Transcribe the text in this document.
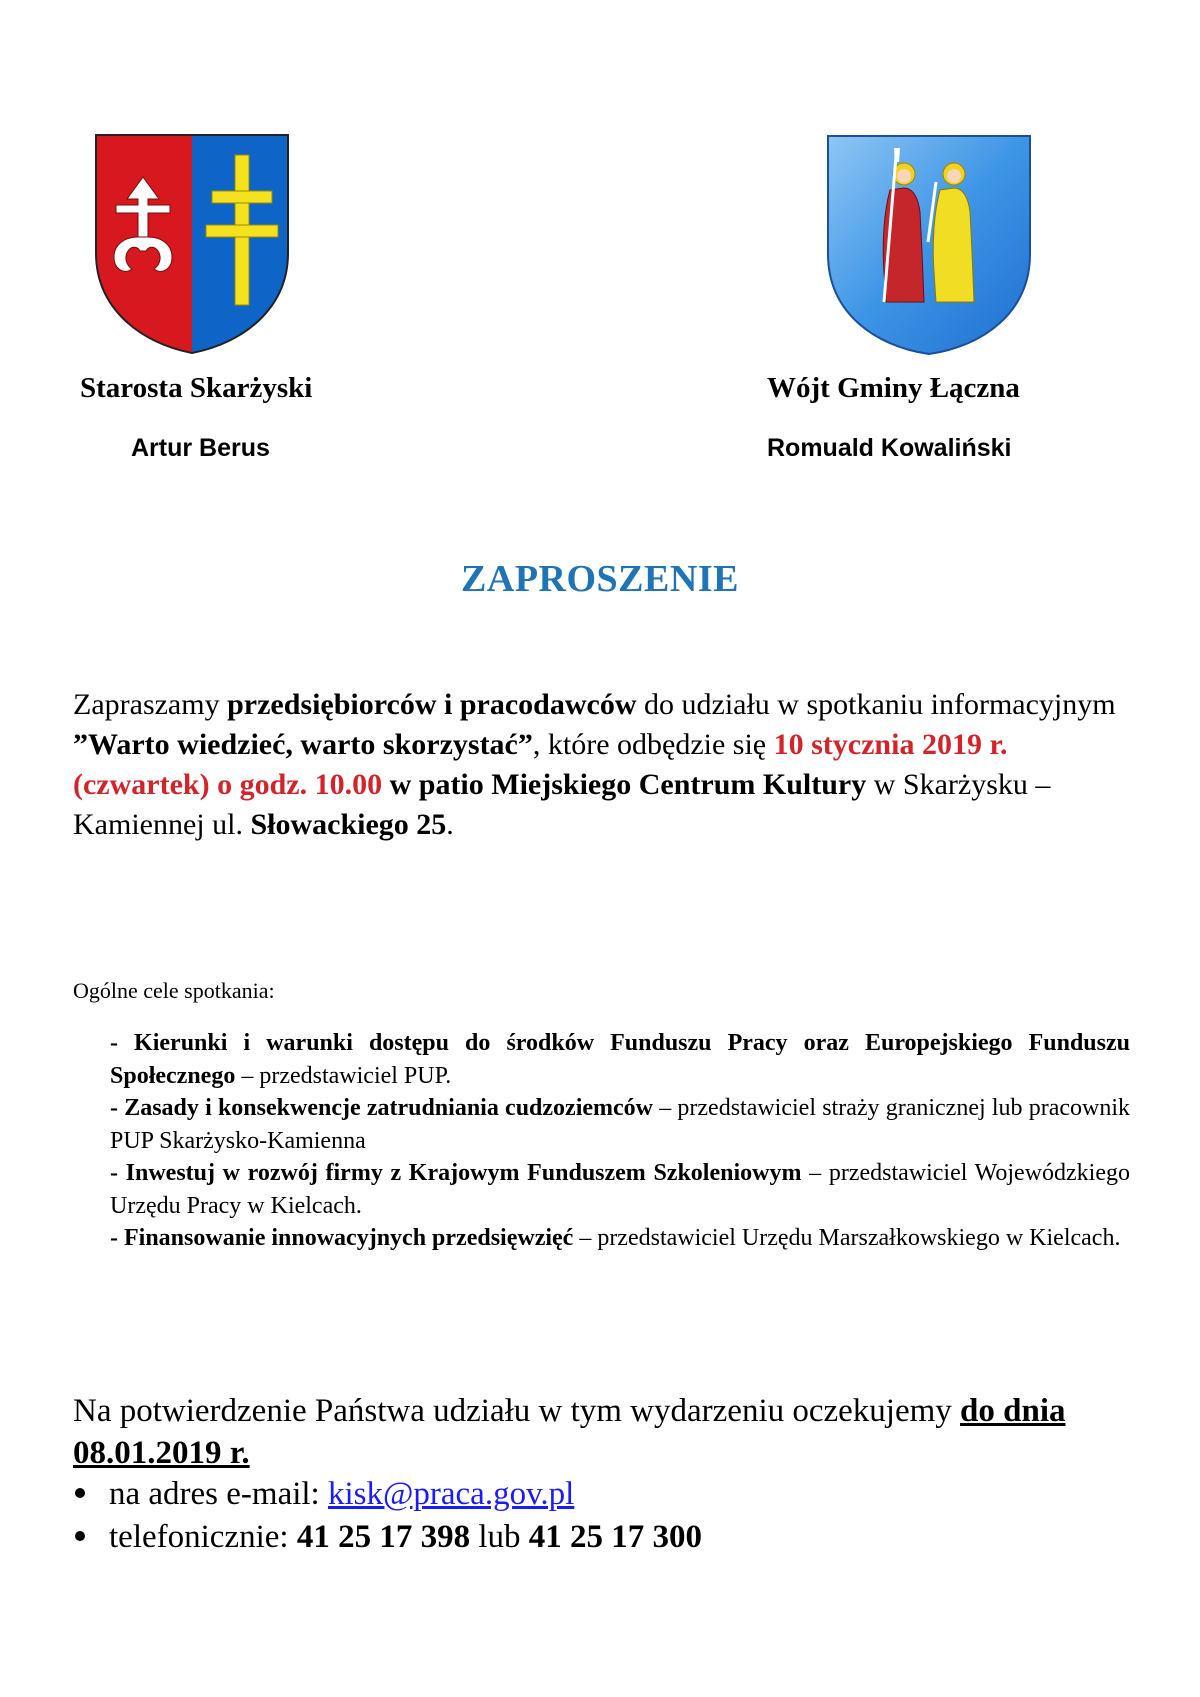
Starosta Skarżyski
Artur Berus
Wójt Gminy Łączna
Romuald Kowaliński
ZAPROSZENIE
Zapraszamy przedsiębiorców i pracodawców do udziału w spotkaniu informacyjnym ”Warto wiedzieć, warto skorzystać”, które odbędzie się 10 stycznia 2019 r. (czwartek) o godz. 10.00 w patio Miejskiego Centrum Kultury w Skarżysku – Kamiennej ul. Słowackiego 25.
Ogólne cele spotkania:
- Kierunki i warunki dostępu do środków Funduszu Pracy oraz Europejskiego Funduszu Społecznego – przedstawiciel PUP.
- Zasady i konsekwencje zatrudniania cudzoziemców – przedstawiciel straży granicznej lub pracownik PUP Skarżysko-Kamienna
- Inwestuj w rozwój firmy z Krajowym Funduszem Szkoleniowym – przedstawiciel Wojewódzkiego Urzędu Pracy w Kielcach.
- Finansowanie innowacyjnych przedsięwzięć – przedstawiciel Urzędu Marszałkowskiego w Kielcach.
Na potwierdzenie Państwa udziału w tym wydarzeniu oczekujemy do dnia 08.01.2019 r.
na adres e-mail: kisk@praca.gov.pl
telefonicznie: 41 25 17 398 lub 41 25 17 300
